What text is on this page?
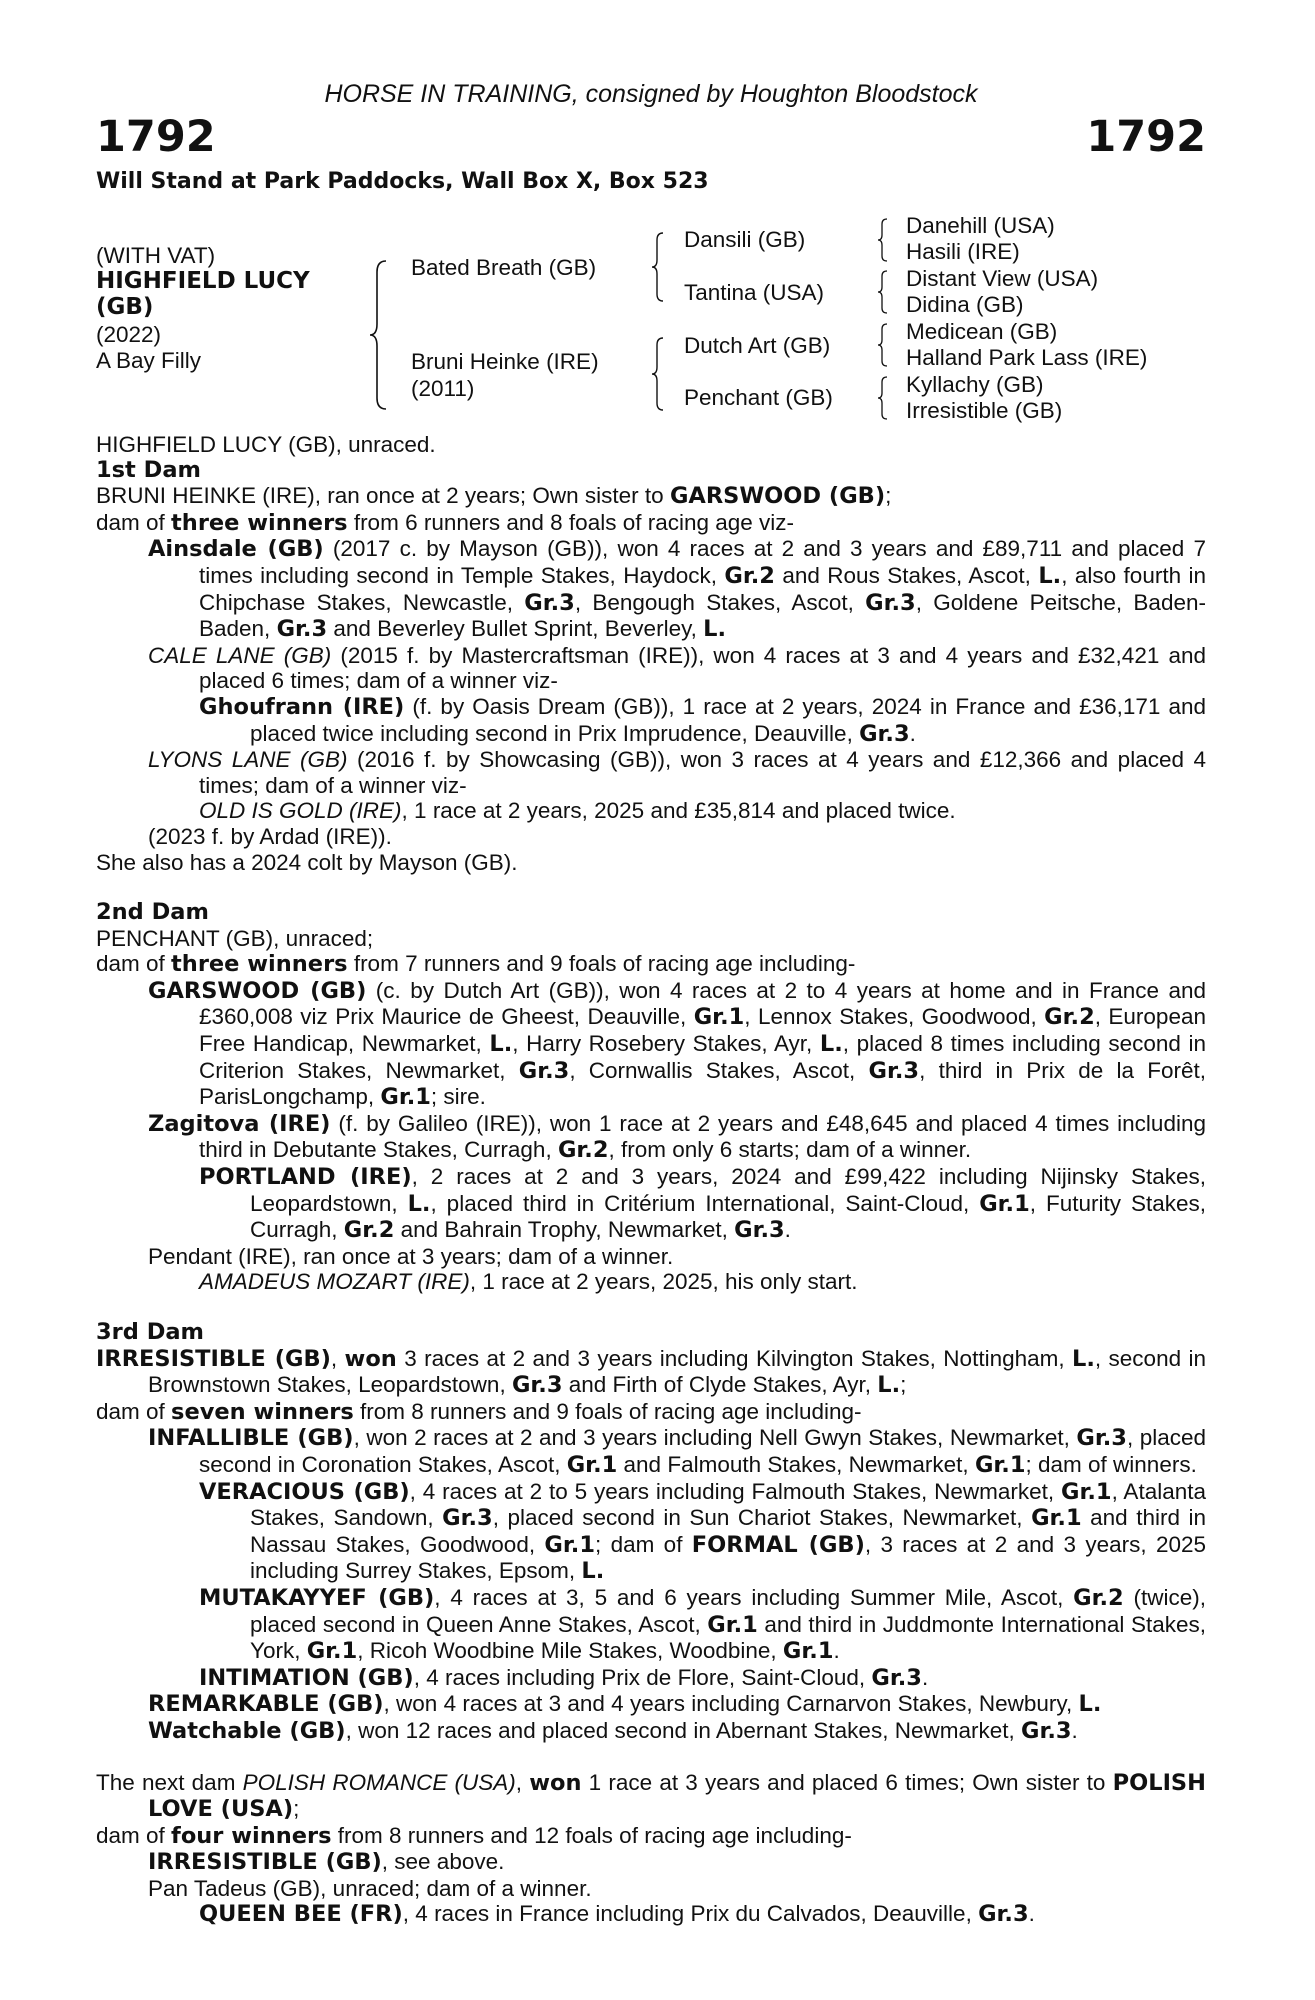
HORSE IN TRAINING, consigned by Houghton Bloodstock
1792	1792
Will Stand at Park Paddocks, Wall Box X, Box 523
(WITH VAT)
HIGHFIELD LUCY
(GB)
(2022)
A Bay Filly
Bated Breath (GB)
Bruni Heinke (IRE)
(2011)
Dansili (GB)
Tantina (USA)
Dutch Art (GB)
Penchant (GB)
Danehill (USA)
Hasili (IRE)
Distant View (USA)
Didina (GB)
Medicean (GB)
Halland Park Lass (IRE)
Kyllachy (GB)
Irresistible (GB)
HIGHFIELD LUCY (GB), unraced.
1st Dam
BRUNI HEINKE (IRE), ran once at 2 years; Own sister to GARSWOOD (GB);
dam of three winners from 6 runners and 8 foals of racing age viz-
Ainsdale (GB) (2017 c. by Mayson (GB)), won 4 races at 2 and 3 years and £89,711 and placed 7 times including second in Temple Stakes, Haydock, Gr.2 and Rous Stakes, Ascot, L., also fourth in Chipchase Stakes, Newcastle, Gr.3, Bengough Stakes, Ascot, Gr.3, Goldene Peitsche, Baden-Baden, Gr.3 and Beverley Bullet Sprint, Beverley, L.
CALE LANE (GB) (2015 f. by Mastercraftsman (IRE)), won 4 races at 3 and 4 years and £32,421 and placed 6 times; dam of a winner viz-
Ghoufrann (IRE) (f. by Oasis Dream (GB)), 1 race at 2 years, 2024 in France and £36,171 and placed twice including second in Prix Imprudence, Deauville, Gr.3.
LYONS LANE (GB) (2016 f. by Showcasing (GB)), won 3 races at 4 years and £12,366 and placed 4 times; dam of a winner viz-
OLD IS GOLD (IRE), 1 race at 2 years, 2025 and £35,814 and placed twice.
(2023 f. by Ardad (IRE)).
She also has a 2024 colt by Mayson (GB).
2nd Dam
PENCHANT (GB), unraced;
dam of three winners from 7 runners and 9 foals of racing age including-
GARSWOOD (GB) (c. by Dutch Art (GB)), won 4 races at 2 to 4 years at home and in France and £360,008 viz Prix Maurice de Gheest, Deauville, Gr.1, Lennox Stakes, Goodwood, Gr.2, European Free Handicap, Newmarket, L., Harry Rosebery Stakes, Ayr, L., placed 8 times including second in Criterion Stakes, Newmarket, Gr.3, Cornwallis Stakes, Ascot, Gr.3, third in Prix de la Forêt, ParisLongchamp, Gr.1; sire.
Zagitova (IRE) (f. by Galileo (IRE)), won 1 race at 2 years and £48,645 and placed 4 times including third in Debutante Stakes, Curragh, Gr.2, from only 6 starts; dam of a winner.
PORTLAND (IRE), 2 races at 2 and 3 years, 2024 and £99,422 including Nijinsky Stakes, Leopardstown, L., placed third in Critérium International, Saint-Cloud, Gr.1, Futurity Stakes, Curragh, Gr.2 and Bahrain Trophy, Newmarket, Gr.3.
Pendant (IRE), ran once at 3 years; dam of a winner.
AMADEUS MOZART (IRE), 1 race at 2 years, 2025, his only start.
3rd Dam
IRRESISTIBLE (GB), won 3 races at 2 and 3 years including Kilvington Stakes, Nottingham, L., second in Brownstown Stakes, Leopardstown, Gr.3 and Firth of Clyde Stakes, Ayr, L.;
dam of seven winners from 8 runners and 9 foals of racing age including-
INFALLIBLE (GB), won 2 races at 2 and 3 years including Nell Gwyn Stakes, Newmarket, Gr.3, placed second in Coronation Stakes, Ascot, Gr.1 and Falmouth Stakes, Newmarket, Gr.1; dam of winners.
VERACIOUS (GB), 4 races at 2 to 5 years including Falmouth Stakes, Newmarket, Gr.1, Atalanta Stakes, Sandown, Gr.3, placed second in Sun Chariot Stakes, Newmarket, Gr.1 and third in Nassau Stakes, Goodwood, Gr.1; dam of FORMAL (GB), 3 races at 2 and 3 years, 2025 including Surrey Stakes, Epsom, L.
MUTAKAYYEF (GB), 4 races at 3, 5 and 6 years including Summer Mile, Ascot, Gr.2 (twice), placed second in Queen Anne Stakes, Ascot, Gr.1 and third in Juddmonte International Stakes, York, Gr.1, Ricoh Woodbine Mile Stakes, Woodbine, Gr.1.
INTIMATION (GB), 4 races including Prix de Flore, Saint-Cloud, Gr.3.
REMARKABLE (GB), won 4 races at 3 and 4 years including Carnarvon Stakes, Newbury, L.
Watchable (GB), won 12 races and placed second in Abernant Stakes, Newmarket, Gr.3.
The next dam POLISH ROMANCE (USA), won 1 race at 3 years and placed 6 times; Own sister to POLISH LOVE (USA);
dam of four winners from 8 runners and 12 foals of racing age including-
IRRESISTIBLE (GB), see above.
Pan Tadeus (GB), unraced; dam of a winner.
QUEEN BEE (FR), 4 races in France including Prix du Calvados, Deauville, Gr.3.
